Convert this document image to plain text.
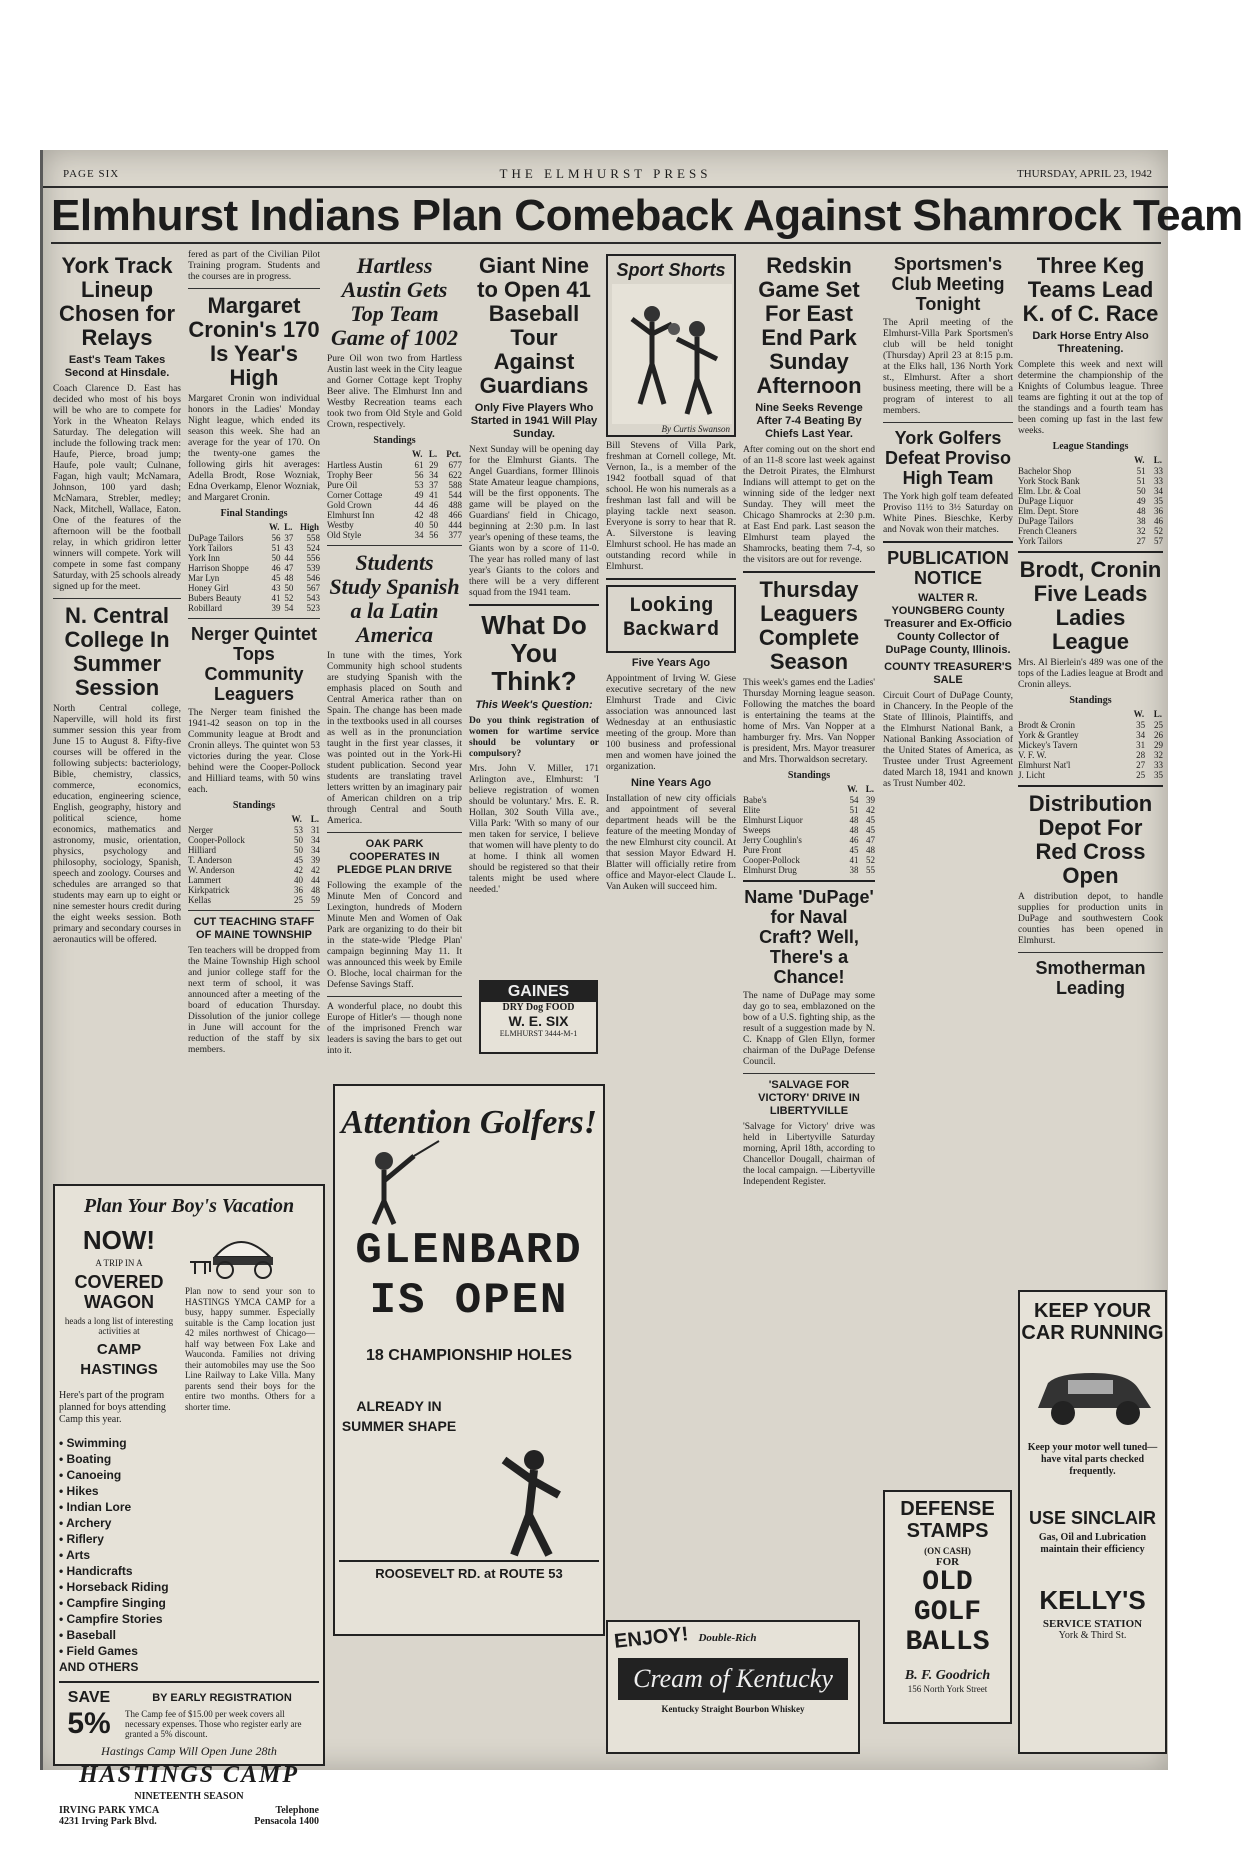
PAGE SIX	THE ELMHURST PRESS	THURSDAY, APRIL 23, 1942
Elmhurst Indians Plan Comeback Against Shamrock Team
York Track Lineup Chosen for Relays
East's Team Takes Second at Hinsdale.

Coach Clarence D. East has decided who most of his boys will be who are to compete for York in the Wheaton Relays Saturday. The delegation will include the following track men: Haufe, Pierce, broad jump; Haufe, pole vault; Culnane, Fagan, high vault; McNamara, Johnson, 100 yard dash; McNamara, Strebler, medley; Nack, Mitchell, Wallace, Eaton. One of the features of the afternoon will be the football relay, in which gridiron letter winners will compete. York will compete in some fast company Saturday, with 25 schools already signed up for the meet.

N. Central College In Summer Session

North Central college, Naperville, will hold its first summer session this year from June 15 to August 8. Fifty-five courses will be offered in the following subjects: bacteriology, Bible, chemistry, classics, commerce, economics, education, engineering science, English, geography, history and political science, home economics, mathematics and astronomy, music, orientation, physics, psychology and philosophy, sociology, Spanish, speech and zoology. Courses and schedules are arranged so that students may earn up to eight or nine semester hours credit during the eight weeks session. Both primary and secondary courses in aeronautics will be offered.

fered as part of the Civilian Pilot Training program. Students and the courses are in progress.

Margaret Cronin's 170 Is Year's High

Margaret Cronin won individual honors in the Ladies' Monday Night league, which ended its season this week. She had an average for the year of 170. On the twenty-one games the following girls hit averages: Adella Brodt, Rose Wozniak, Edna Overkamp, Elenor Wozniak, and Margaret Cronin.

Final Standings
	W.	L.	High
DuPage Tailors	56	37	558
York Tailors	51	43	524
York Inn	50	44	556
Harrison Shoppe	46	47	539
Mar Lyn	45	48	546
Honey Girl	43	50	567
Bubers Beauty	41	52	543
Robillard	39	54	523
Nerger Quintet Tops Community Leaguers

The Nerger team finished the 1941-42 season on top in the Community league at Brodt and Cronin alleys. The quintet won 53 victories during the year. Close behind were the Cooper-Pollock and Hilliard teams, with 50 wins each.

Standings
	W.	L.
Nerger	53	31
Cooper-Pollock	50	34
Hilliard	50	34
T. Anderson	45	39
W. Anderson	42	42
Lammert	40	44
Kirkpatrick	36	48
Kellas	25	59
CUT TEACHING STAFF OF MAINE TOWNSHIP

Ten teachers will be dropped from the Maine Township High school and junior college staff for the next term of school, it was announced after a meeting of the board of education Thursday. Dissolution of the junior college in June will account for the reduction of the staff by six members.

Plan Your Boy's Vacation
NOW!
A TRIP IN A
COVERED WAGON
heads a long list of interesting activities at
CAMP HASTINGS

Here's part of the program planned for boys attending Camp this year.

• Swimming
• Boating
• Canoeing
• Hikes
• Indian Lore
• Archery
• Riflery
• Arts
• Handicrafts
• Horseback Riding
• Campfire Singing
• Campfire Stories
• Baseball
• Field Games
AND OTHERS

Plan now to send your son to HASTINGS YMCA CAMP for a busy, happy summer. Especially suitable is the Camp location just 42 miles northwest of Chicago—half way between Fox Lake and Wauconda. Families not driving their automobiles may use the Soo Line Railway to Lake Villa. Many parents send their boys for the entire two months. Others for a shorter time.

SAVE
5%
BY EARLY REGISTRATION
The Camp fee of $15.00 per week covers all necessary expenses. Those who register early are granted a 5% discount.
Hastings Camp Will Open June 28th
HASTINGS CAMP
NINETEENTH SEASON
IRVING PARK YMCA
4231 Irving Park Blvd.
Telephone
Pensacola 1400
Hartless Austin Gets Top Team Game of 1002

Pure Oil won two from Hartless Austin last week in the City league and Gorner Cottage kept Trophy Beer alive. The Elmhurst Inn and Westby Recreation teams each took two from Old Style and Gold Crown, respectively.

Standings
	W.	L.	Pct.
Hartless Austin	61	29	677
Trophy Beer	56	34	622
Pure Oil	53	37	588
Corner Cottage	49	41	544
Gold Crown	44	46	488
Elmhurst Inn	42	48	466
Westby	40	50	444
Old Style	34	56	377
Students Study Spanish a la Latin America

In tune with the times, York Community high school students are studying Spanish with the emphasis placed on South and Central America rather than on Spain. The change has been made in the textbooks used in all courses as well as in the pronunciation taught in the first year classes, it was pointed out in the York-Hi student publication. Second year students are translating travel letters written by an imaginary pair of American children on a trip through Central and South America.

OAK PARK COOPERATES IN PLEDGE PLAN DRIVE

Following the example of the Minute Men of Concord and Lexington, hundreds of Modern Minute Men and Women of Oak Park are organizing to do their bit in the state-wide 'Pledge Plan' campaign beginning May 11. It was announced this week by Emile O. Bloche, local chairman for the Defense Savings Staff.

A wonderful place, no doubt this Europe of Hitler's — though none of the imprisoned French war leaders is saving the bars to get out into it.

Giant Nine to Open 41 Baseball Tour Against Guardians
Only Five Players Who Started in 1941 Will Play Sunday.

Next Sunday will be opening day for the Elmhurst Giants. The Angel Guardians, former Illinois State Amateur league champions, will be the first opponents. The game will be played on the Guardians' field in Chicago, beginning at 2:30 p.m. In last year's opening of these teams, the Giants won by a score of 11-0. The year has rolled many of last year's Giants to the colors and there will be a very different squad from the 1941 team.

What Do You Think?
This Week's Question:

Do you think registration of women for wartime service should be voluntary or compulsory?

Mrs. John V. Miller, 171 Arlington ave., Elmhurst: 'I believe registration of women should be voluntary.' Mrs. E. R. Hollan, 302 South Villa ave., Villa Park: 'With so many of our men taken for service, I believe that women will have plenty to do at home. I think all women should be registered so that their talents might be used where needed.'

GAINES
DRY Dog FOOD
W. E. SIX
ELMHURST 3444-M-1
Sport Shorts
By Curtis Swanson

Bill Stevens of Villa Park, freshman at Cornell college, Mt. Vernon, Ia., is a member of the 1942 football squad of that school. He won his numerals as a freshman last fall and will be playing tackle next season. Everyone is sorry to hear that R. A. Silverstone is leaving Elmhurst school. He has made an outstanding record while in Elmhurst.

Looking Backward
Five Years Ago

Appointment of Irving W. Giese executive secretary of the new Elmhurst Trade and Civic association was announced last Wednesday at an enthusiastic meeting of the group. More than 100 business and professional men and women have joined the organization.

Nine Years Ago

Installation of new city officials and appointment of several department heads will be the feature of the meeting Monday of the new Elmhurst city council. At that session Mayor Edward H. Blatter will officially retire from office and Mayor-elect Claude L. Van Auken will succeed him.

Attention Golfers!
GLENBARD
IS OPEN
18 CHAMPIONSHIP HOLES
ALREADY IN SUMMER SHAPE
ROOSEVELT RD. at ROUTE 53
ENJOY! Double-Rich
Cream of Kentucky
Kentucky Straight Bourbon Whiskey
Redskin Game Set For East End Park Sunday Afternoon
Nine Seeks Revenge After 7-4 Beating By Chiefs Last Year.

After coming out on the short end of an 11-8 score last week against the Detroit Pirates, the Elmhurst Indians will attempt to get on the winning side of the ledger next Sunday. They will meet the Chicago Shamrocks at 2:30 p.m. at East End park. Last season the Elmhurst team played the Shamrocks, beating them 7-4, so the visitors are out for revenge.

Thursday Leaguers Complete Season

This week's games end the Ladies' Thursday Morning league season. Following the matches the board is entertaining the teams at the home of Mrs. Van Nopper at a hamburger fry. Mrs. Van Nopper is president, Mrs. Mayor treasurer and Mrs. Thorwaldson secretary.

Standings
	W.	L.
Babe's	54	39
Elite	51	42
Elmhurst Liquor	48	45
Sweeps	48	45
Jerry Coughlin's	46	47
Pure Front	45	48
Cooper-Pollock	41	52
Elmhurst Drug	38	55
Name 'DuPage' for Naval Craft? Well, There's a Chance!

The name of DuPage may some day go to sea, emblazoned on the bow of a U.S. fighting ship, as the result of a suggestion made by N. C. Knapp of Glen Ellyn, former chairman of the DuPage Defense Council.

'SALVAGE FOR VICTORY' DRIVE IN LIBERTYVILLE

'Salvage for Victory' drive was held in Libertyville Saturday morning, April 18th, according to Chancellor Dougall, chairman of the local campaign. —Libertyville Independent Register.

Sportsmen's Club Meeting Tonight

The April meeting of the Elmhurst-Villa Park Sportsmen's club will be held tonight (Thursday) April 23 at 8:15 p.m. at the Elks hall, 136 North York st., Elmhurst. After a short business meeting, there will be a program of interest to all members.

York Golfers Defeat Proviso High Team

The York high golf team defeated Proviso 11½ to 3½ Saturday on White Pines. Bieschke, Kerby and Novak won their matches.

PUBLICATION NOTICE
WALTER R. YOUNGBERG County Treasurer and Ex-Officio County Collector of DuPage County, Illinois.
COUNTY TREASURER'S SALE

Circuit Court of DuPage County, in Chancery. In the People of the State of Illinois, Plaintiffs, and the Elmhurst National Bank, a National Banking Association of the United States of America, as Trustee under Trust Agreement dated March 18, 1941 and known as Trust Number 402.

DEFENSE STAMPS
(ON CASH)
FOR
OLD GOLF BALLS
B. F. Goodrich
156 North York Street
Three Keg Teams Lead K. of C. Race
Dark Horse Entry Also Threatening.

Complete this week and next will determine the championship of the Knights of Columbus league. Three teams are fighting it out at the top of the standings and a fourth team has been coming up fast in the last few weeks.

League Standings
	W.	L.
Bachelor Shop	51	33
York Stock Bank	51	33
Elm. Lbr. & Coal	50	34
DuPage Liquor	49	35
Elm. Dept. Store	48	36
DuPage Tailors	38	46
French Cleaners	32	52
York Tailors	27	57
Brodt, Cronin Five Leads Ladies League

Mrs. Al Bierlein's 489 was one of the tops of the Ladies league at Brodt and Cronin alleys.

Standings
	W.	L.
Brodt & Cronin	35	25
York & Grantley	34	26
Mickey's Tavern	31	29
V. F. W.	28	32
Elmhurst Nat'l	27	33
J. Licht	25	35
Distribution Depot For Red Cross Open

A distribution depot, to handle supplies for production units in DuPage and southwestern Cook counties has been opened in Elmhurst.

Smotherman Leading
KEEP YOUR CAR RUNNING

Keep your motor well tuned—have vital parts checked frequently.

USE SINCLAIR

Gas, Oil and Lubrication maintain their efficiency

KELLY'S
SERVICE STATION
York & Third St.
